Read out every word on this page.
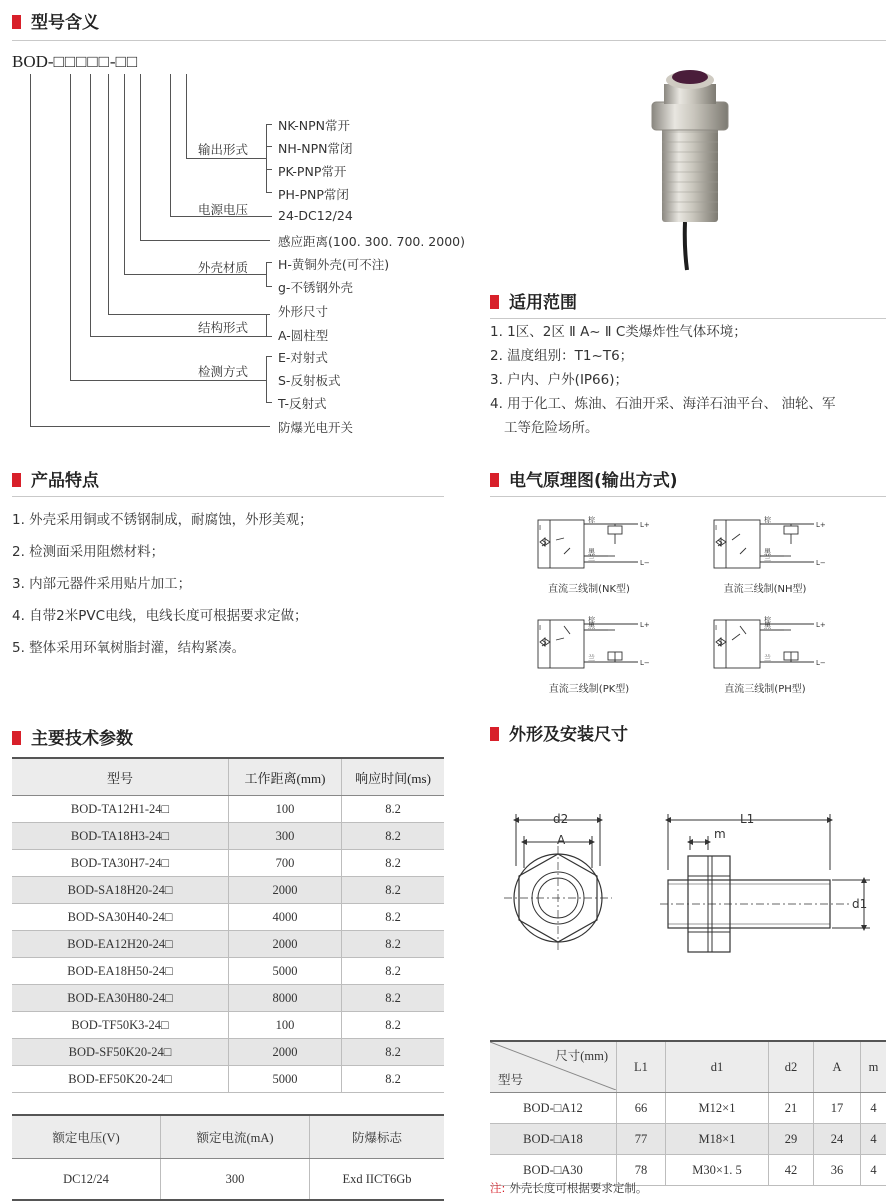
型号含义
BOD-□□□□□-□□
输出形式
电源电压
外壳材质
结构形式
检测方式
NK-NPN常开
NH-NPN常闭
PK-PNP常开
PH-PNP常闭
24-DC12/24
感应距离(100. 300. 700. 2000)
H-黄铜外壳(可不注)
g-不锈钢外壳
外形尺寸
A-圆柱型
E-对射式
S-反射板式
T-反射式
防爆光电开关
适用范围
1. 1区、2区 Ⅱ A~ Ⅱ C类爆炸性气体环境；
2. 温度组别：T1~T6；
3. 户内、户外(IP66)；
4. 用于化工、炼油、石油开采、海洋石油平台、 油轮、军
工等危险场所。
产品特点
1. 外壳采用铜或不锈钢制成，耐腐蚀，外形美观；
2. 检测面采用阻燃材料；
3. 内部元器件采用贴片加工；
4. 自带2米PVC电线，电线长度可根据要求定做；
5. 整体采用环氧树脂封灌，结构紧凑。
电气原理图(输出方式)
I
棕
黑
兰
L+
L−
直流三线制(NK型)
I
棕
黑
兰
L+
L−
直流三线制(NH型)
I
棕
黑
兰
L+
L−
直流三线制(PK型)
I
棕
黑
兰
L+
L−
直流三线制(PH型)
主要技术参数
型号	工作距离(mm)	响应时间(ms)
BOD-TA12H1-24□	100	8.2
BOD-TA18H3-24□	300	8.2
BOD-TA30H7-24□	700	8.2
BOD-SA18H20-24□	2000	8.2
BOD-SA30H40-24□	4000	8.2
BOD-EA12H20-24□	2000	8.2
BOD-EA18H50-24□	5000	8.2
BOD-EA30H80-24□	8000	8.2
BOD-TF50K3-24□	100	8.2
BOD-SF50K20-24□	2000	8.2
BOD-EF50K20-24□	5000	8.2
额定电压(V)	额定电流(mA)	防爆标志
DC12/24	300	Exd IICT6Gb
外形及安装尺寸
d2
A
L1
m
d1
尺寸(mm)
型号	L1	d1	d2	A	m
BOD-□A12	66	M12×1	21	17	4
BOD-□A18	77	M18×1	29	24	4
BOD-□A30	78	M30×1. 5	42	36	4
注: 外壳长度可根据要求定制。
